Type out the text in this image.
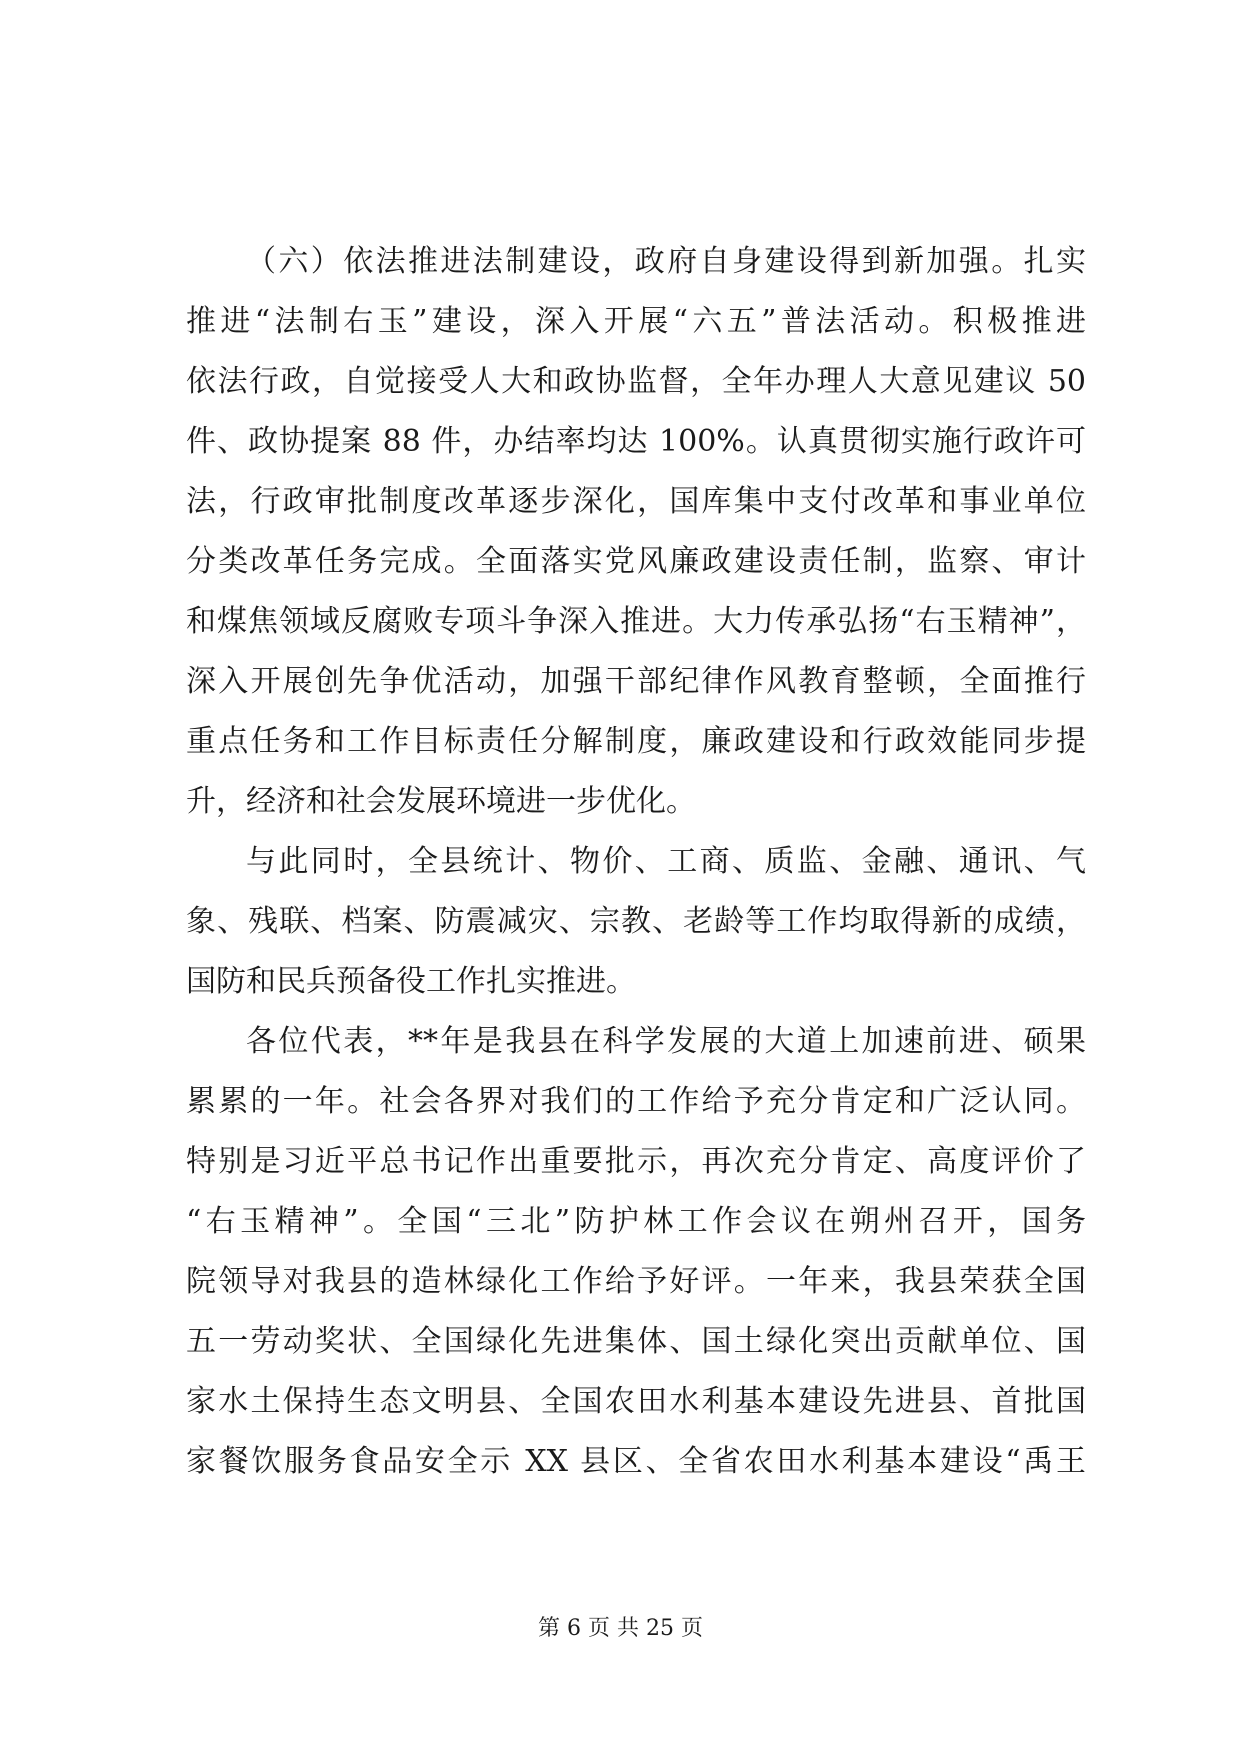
（六）依法推进法制建设，政府自身建设得到新加强。扎实
推进“法制右玉”建设，深入开展“六五”普法活动。积极推进
依法行政，自觉接受人大和政协监督，全年办理人大意见建议 50
件、政协提案 88 件，办结率均达 100%。认真贯彻实施行政许可
法，行政审批制度改革逐步深化，国库集中支付改革和事业单位
分类改革任务完成。全面落实党风廉政建设责任制，监察、审计
和煤焦领域反腐败专项斗争深入推进。大力传承弘扬“右玉精神”，
深入开展创先争优活动，加强干部纪律作风教育整顿，全面推行
重点任务和工作目标责任分解制度，廉政建设和行政效能同步提
升，经济和社会发展环境进一步优化。
与此同时，全县统计、物价、工商、质监、金融、通讯、气
象、残联、档案、防震减灾、宗教、老龄等工作均取得新的成绩，
国防和民兵预备役工作扎实推进。
各位代表，**年是我县在科学发展的大道上加速前进、硕果
累累的一年。社会各界对我们的工作给予充分肯定和广泛认同。
特别是习近平总书记作出重要批示，再次充分肯定、高度评价了
“右玉精神”。全国“三北”防护林工作会议在朔州召开，国务
院领导对我县的造林绿化工作给予好评。一年来，我县荣获全国
五一劳动奖状、全国绿化先进集体、国土绿化突出贡献单位、国
家水土保持生态文明县、全国农田水利基本建设先进县、首批国
家餐饮服务食品安全示 XX 县区、全省农田水利基本建设“禹王
第 6 页 共 25 页
